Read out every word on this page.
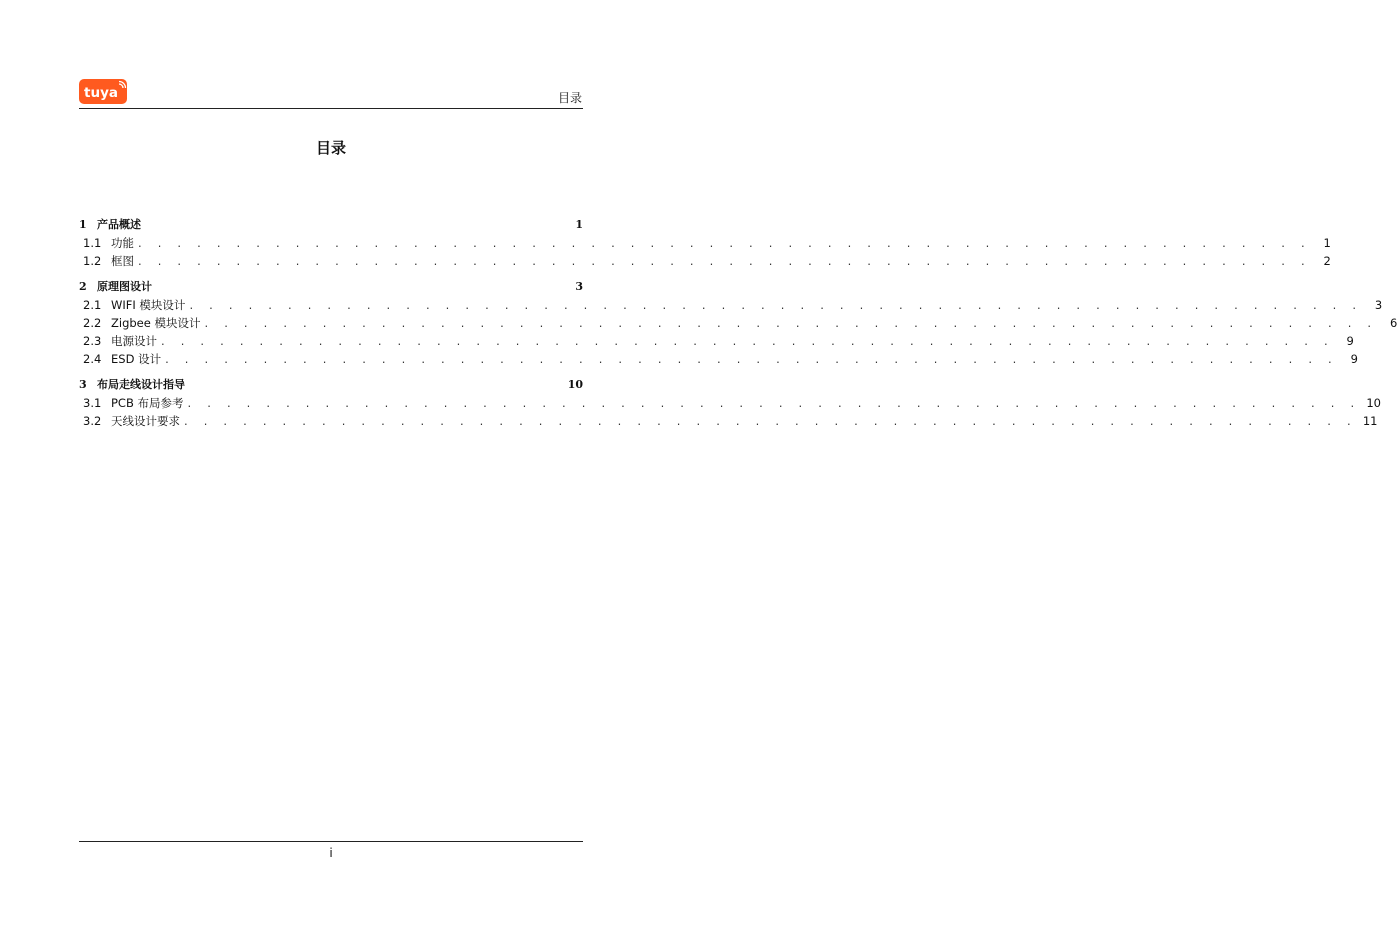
tuya	目录
目录
1 产品概述	1
1.1 功能 . . . . . . . . . . . . . . . . . . . . . . . . . . . . . . . . . . . . . . . . . . . . . . . . . . . . . . . . . . . .	1
1.2 框图 . . . . . . . . . . . . . . . . . . . . . . . . . . . . . . . . . . . . . . . . . . . . . . . . . . . . . . . . . . . .	2
2 原理图设计	3
2.1 WIFI 模块设计 . . . . . . . . . . . . . . . . . . . . . . . . . . . . . . . . . . . . . . . . . . . . . . . . . . . . . . . . . . . .	3
2.2 Zigbee 模块设计 . . . . . . . . . . . . . . . . . . . . . . . . . . . . . . . . . . . . . . . . . . . . . . . . . . . . . . . . . . . .	6
2.3 电源设计 . . . . . . . . . . . . . . . . . . . . . . . . . . . . . . . . . . . . . . . . . . . . . . . . . . . . . . . . . . . .	9
2.4 ESD 设计 . . . . . . . . . . . . . . . . . . . . . . . . . . . . . . . . . . . . . . . . . . . . . . . . . . . . . . . . . . . .	9
3 布局走线设计指导	10
3.1 PCB 布局参考 . . . . . . . . . . . . . . . . . . . . . . . . . . . . . . . . . . . . . . . . . . . . . . . . . . . . . . . . . . . . 10
3.2 天线设计要求 . . . . . . . . . . . . . . . . . . . . . . . . . . . . . . . . . . . . . . . . . . . . . . . . . . . . . . . . . . . . 11
i
